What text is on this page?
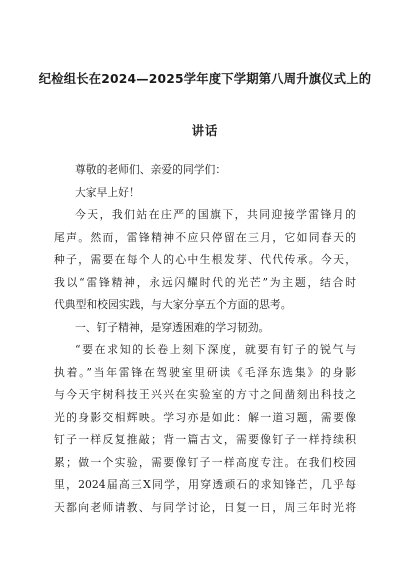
纪检组长在2024—2025学年度下学期第八周升旗仪式上的
讲话

尊敬的老师们、亲爱的同学们：

大家早上好！

今天，我们站在庄严的国旗下，共同迎接学雷锋月的
尾声。然而，雷锋精神不应只停留在三月，它如同春天的
种子，需要在每个人的心中生根发芽、代代传承。今天，
我以“雷锋精神，永远闪耀时代的光芒”为主题，结合时
代典型和校园实践，与大家分享五个方面的思考。

一、钉子精神，是穿透困难的学习韧劲。

“要在求知的长卷上刻下深度，就要有钉子的锐气与
执着。”当年雷锋在驾驶室里研读《毛泽东选集》的身影
与今天宇树科技王兴兴在实验室的方寸之间凿刻出科技之
光的身影交相辉映。学习亦是如此：解一道习题，需要像
钉子一样反复推敲；背一篇古文，需要像钉子一样持续积
累；做一个实验，需要像钉子一样高度专注。在我们校园
里，2024届高三X同学，用穿透顽石的求知锋芒，几乎每
天都向老师请教、与同学讨论，日复一日，周三年时光将
